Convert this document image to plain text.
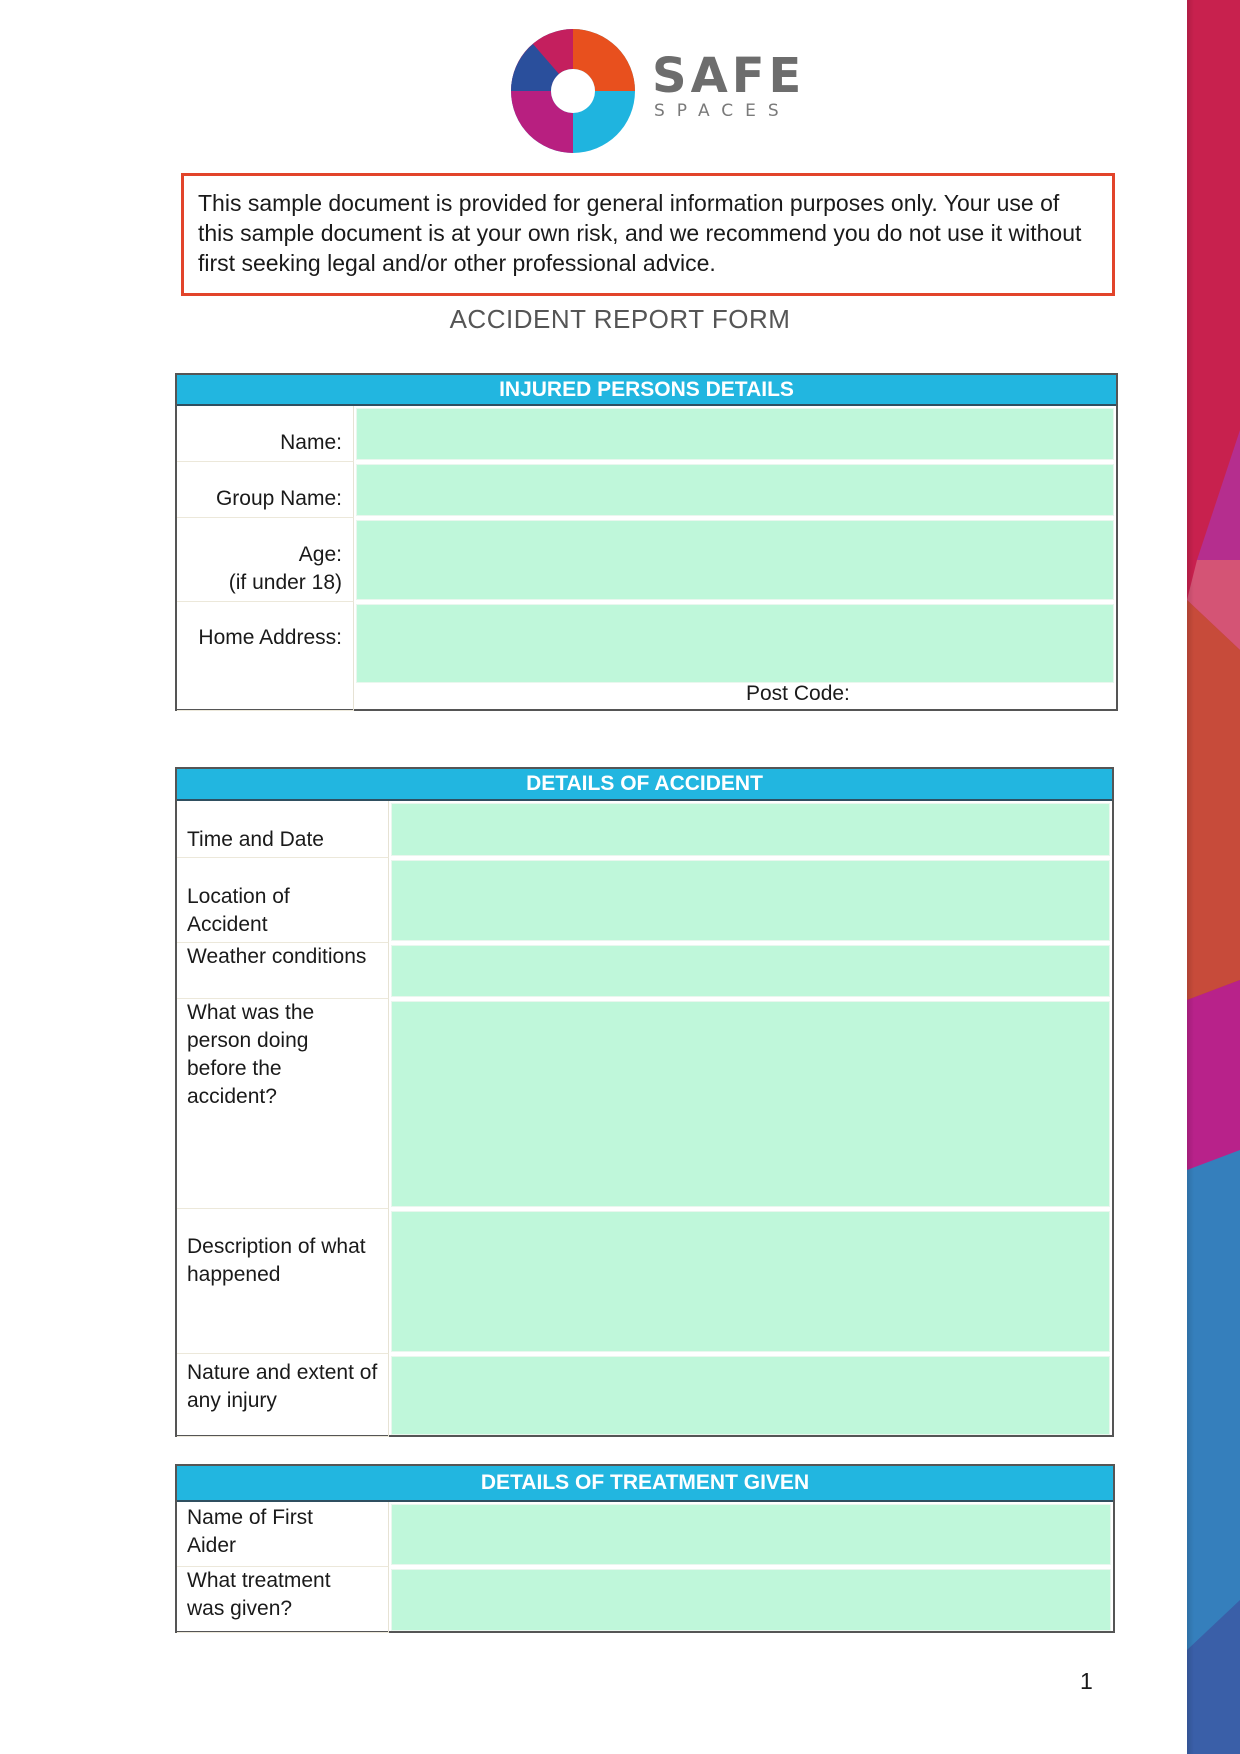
SAFE
SPACES
This sample document is provided for general information purposes only. Your use of this sample document is at your own risk, and we recommend you do not use it without first seeking legal and/or other professional advice.
ACCIDENT REPORT FORM
INJURED PERSONS DETAILS
Name:
Group Name:
Age:
(if under 18)
Home Address:
Post Code:
DETAILS OF ACCIDENT
Time and Date
Location of Accident
Weather conditions
What was the person doing before the accident?
Description of what happened
Nature and extent of any injury
DETAILS OF TREATMENT GIVEN
Name of First Aider
What treatment was given?
1
